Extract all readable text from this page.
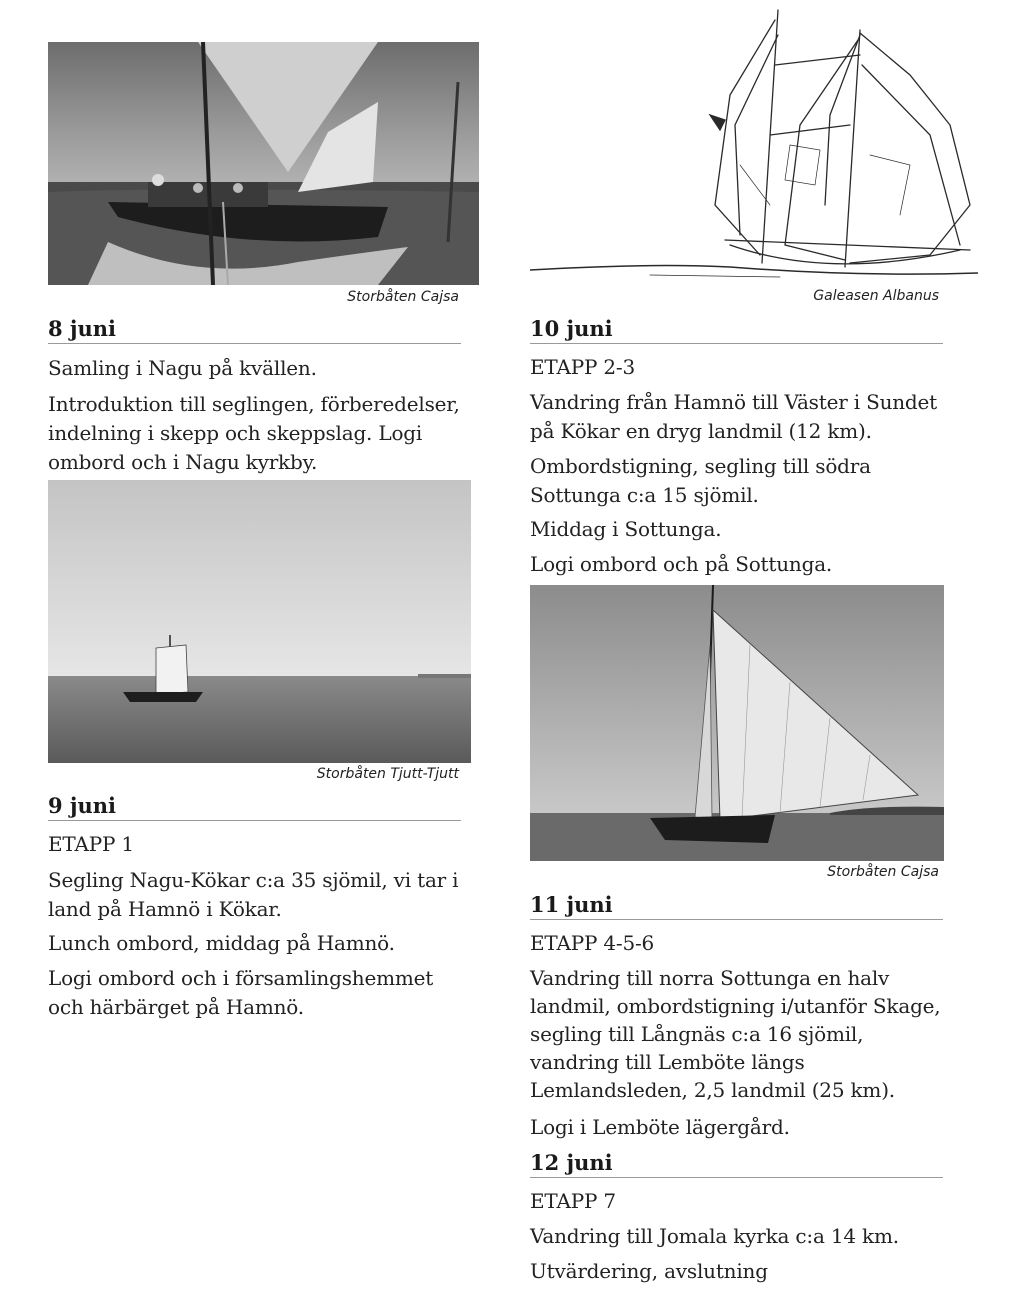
Storbåten Cajsa
8 juni
Samling i Nagu på kvällen.
Introduktion till seglingen, förberedelser, indelning i skepp och skeppslag. Logi ombord och i Nagu kyrkby.
Storbåten Tjutt-Tjutt
9 juni
ETAPP 1
Segling Nagu-Kökar c:a 35 sjömil, vi tar i land på Hamnö i Kökar.
Lunch ombord, middag på Hamnö.
Logi ombord och i församlingshemmet och härbärget på Hamnö.
Galeasen Albanus
10 juni
ETAPP 2-3
Vandring från Hamnö till Väster i Sundet på Kökar en dryg landmil (12 km).
Ombordstigning, segling till södra Sottunga c:a 15 sjömil.
Middag i Sottunga.
Logi ombord och på Sottunga.
Storbåten Cajsa
11 juni
ETAPP 4-5-6
Vandring till norra Sottunga en halv landmil, ombordstigning i/utanför Skage, segling till Långnäs c:a 16 sjömil, vandring till Lemböte längs Lemlandsleden, 2,5 landmil (25 km).
Logi i Lemböte lägergård.
12 juni
ETAPP 7
Vandring till Jomala kyrka c:a 14 km.
Utvärdering, avslutning
